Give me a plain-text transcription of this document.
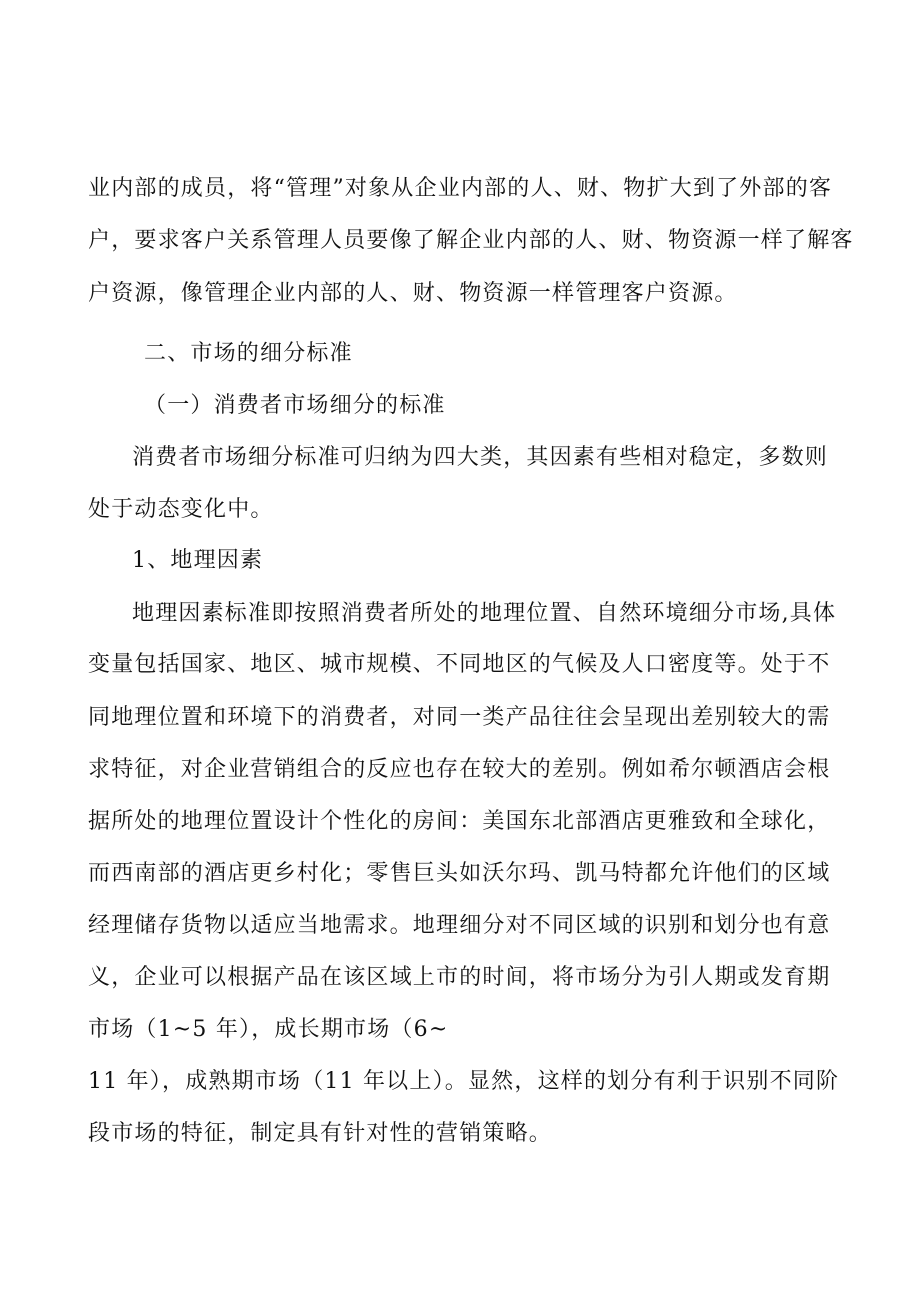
业内部的成员，将“管理”对象从企业内部的人、财、物扩大到了外部的客
户，要求客户关系管理人员要像了解企业内部的人、财、物资源一样了解客
户资源，像管理企业内部的人、财、物资源一样管理客户资源。
二、市场的细分标准
（一）消费者市场细分的标准
消费者市场细分标准可归纳为四大类，其因素有些相对稳定，多数则
处于动态变化中。
1、地理因素
地理因素标准即按照消费者所处的地理位置、自然环境细分市场,具体
变量包括国家、地区、城市规模、不同地区的气候及人口密度等。处于不
同地理位置和环境下的消费者，对同一类产品往往会呈现出差别较大的需
求特征，对企业营销组合的反应也存在较大的差别。例如希尔顿酒店会根
据所处的地理位置设计个性化的房间：美国东北部酒店更雅致和全球化，
而西南部的酒店更乡村化；零售巨头如沃尔玛、凯马特都允许他们的区域
经理储存货物以适应当地需求。地理细分对不同区域的识别和划分也有意
义，企业可以根据产品在该区域上市的时间，将市场分为引人期或发育期
市场（1~5 年），成长期市场（6~
11 年），成熟期市场（11 年以上）。显然，这样的划分有利于识别不同阶
段市场的特征，制定具有针对性的营销策略。
